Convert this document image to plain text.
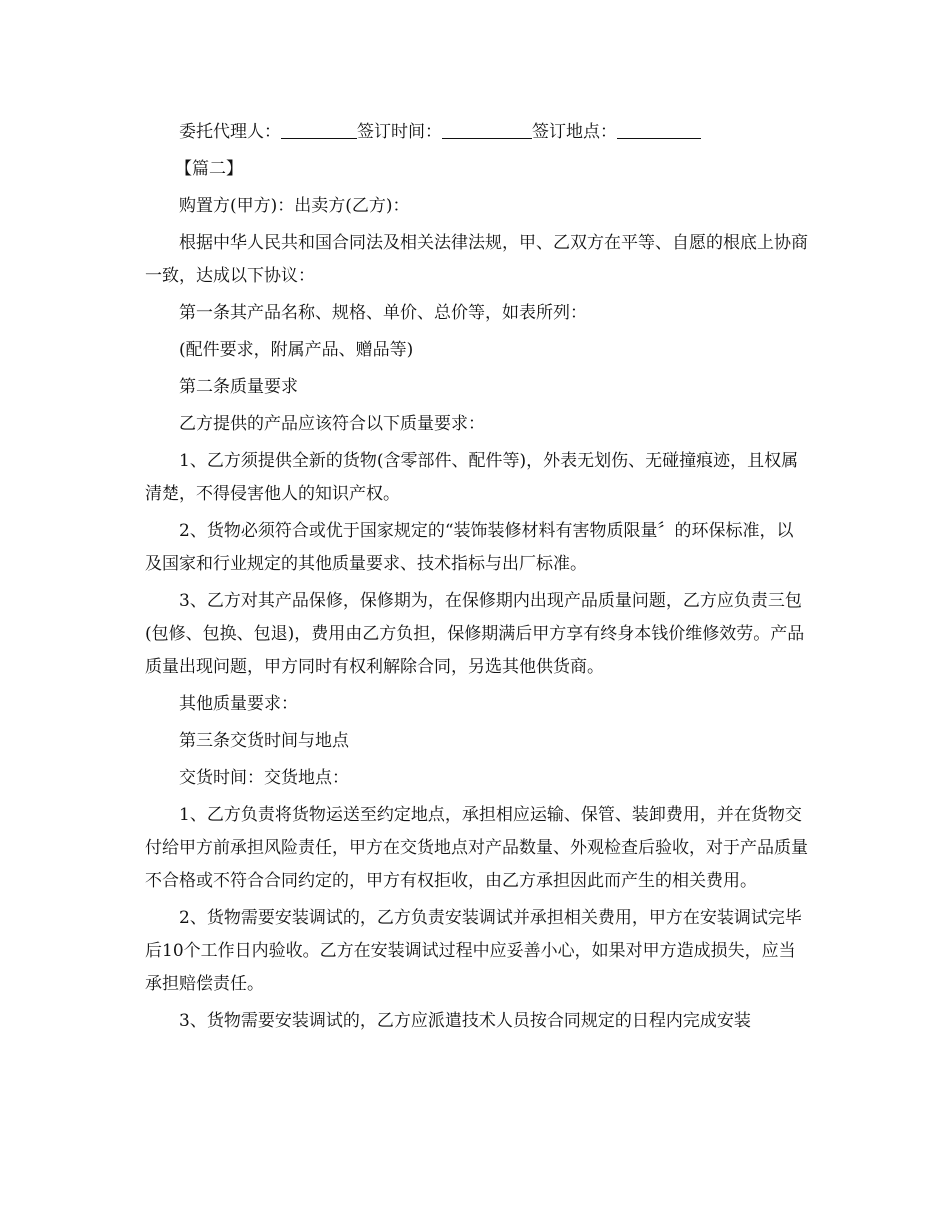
委托代理人：	签订时间：	签订地点：

【篇二】

购置方(甲方)：出卖方(乙方)：

根据中华人民共和国合同法及相关法律法规，甲、乙双方在平等、自愿的根底上协商一致，达成以下协议：

第一条其产品名称、规格、单价、总价等，如表所列：

(配件要求，附属产品、赠品等)

第二条质量要求

乙方提供的产品应该符合以下质量要求：

1、乙方须提供全新的货物(含零部件、配件等)，外表无划伤、无碰撞痕迹，且权属清楚，不得侵害他人的知识产权。

2、货物必须符合或优于国家规定的“装饰装修材料有害物质限量〞的环保标准，以及国家和行业规定的其他质量要求、技术指标与出厂标准。

3、乙方对其产品保修，保修期为，在保修期内出现产品质量问题，乙方应负责三包(包修、包换、包退)，费用由乙方负担，保修期满后甲方享有终身本钱价维修效劳。产品质量出现问题，甲方同时有权利解除合同，另选其他供货商。

其他质量要求：

第三条交货时间与地点

交货时间：交货地点：

1、乙方负责将货物运送至约定地点，承担相应运输、保管、装卸费用，并在货物交付给甲方前承担风险责任，甲方在交货地点对产品数量、外观检查后验收，对于产品质量不合格或不符合合同约定的，甲方有权拒收，由乙方承担因此而产生的相关费用。

2、货物需要安装调试的，乙方负责安装调试并承担相关费用，甲方在安装调试完毕后10个工作日内验收。乙方在安装调试过程中应妥善小心，如果对甲方造成损失，应当承担赔偿责任。

3、货物需要安装调试的，乙方应派遣技术人员按合同规定的日程内完成安装
